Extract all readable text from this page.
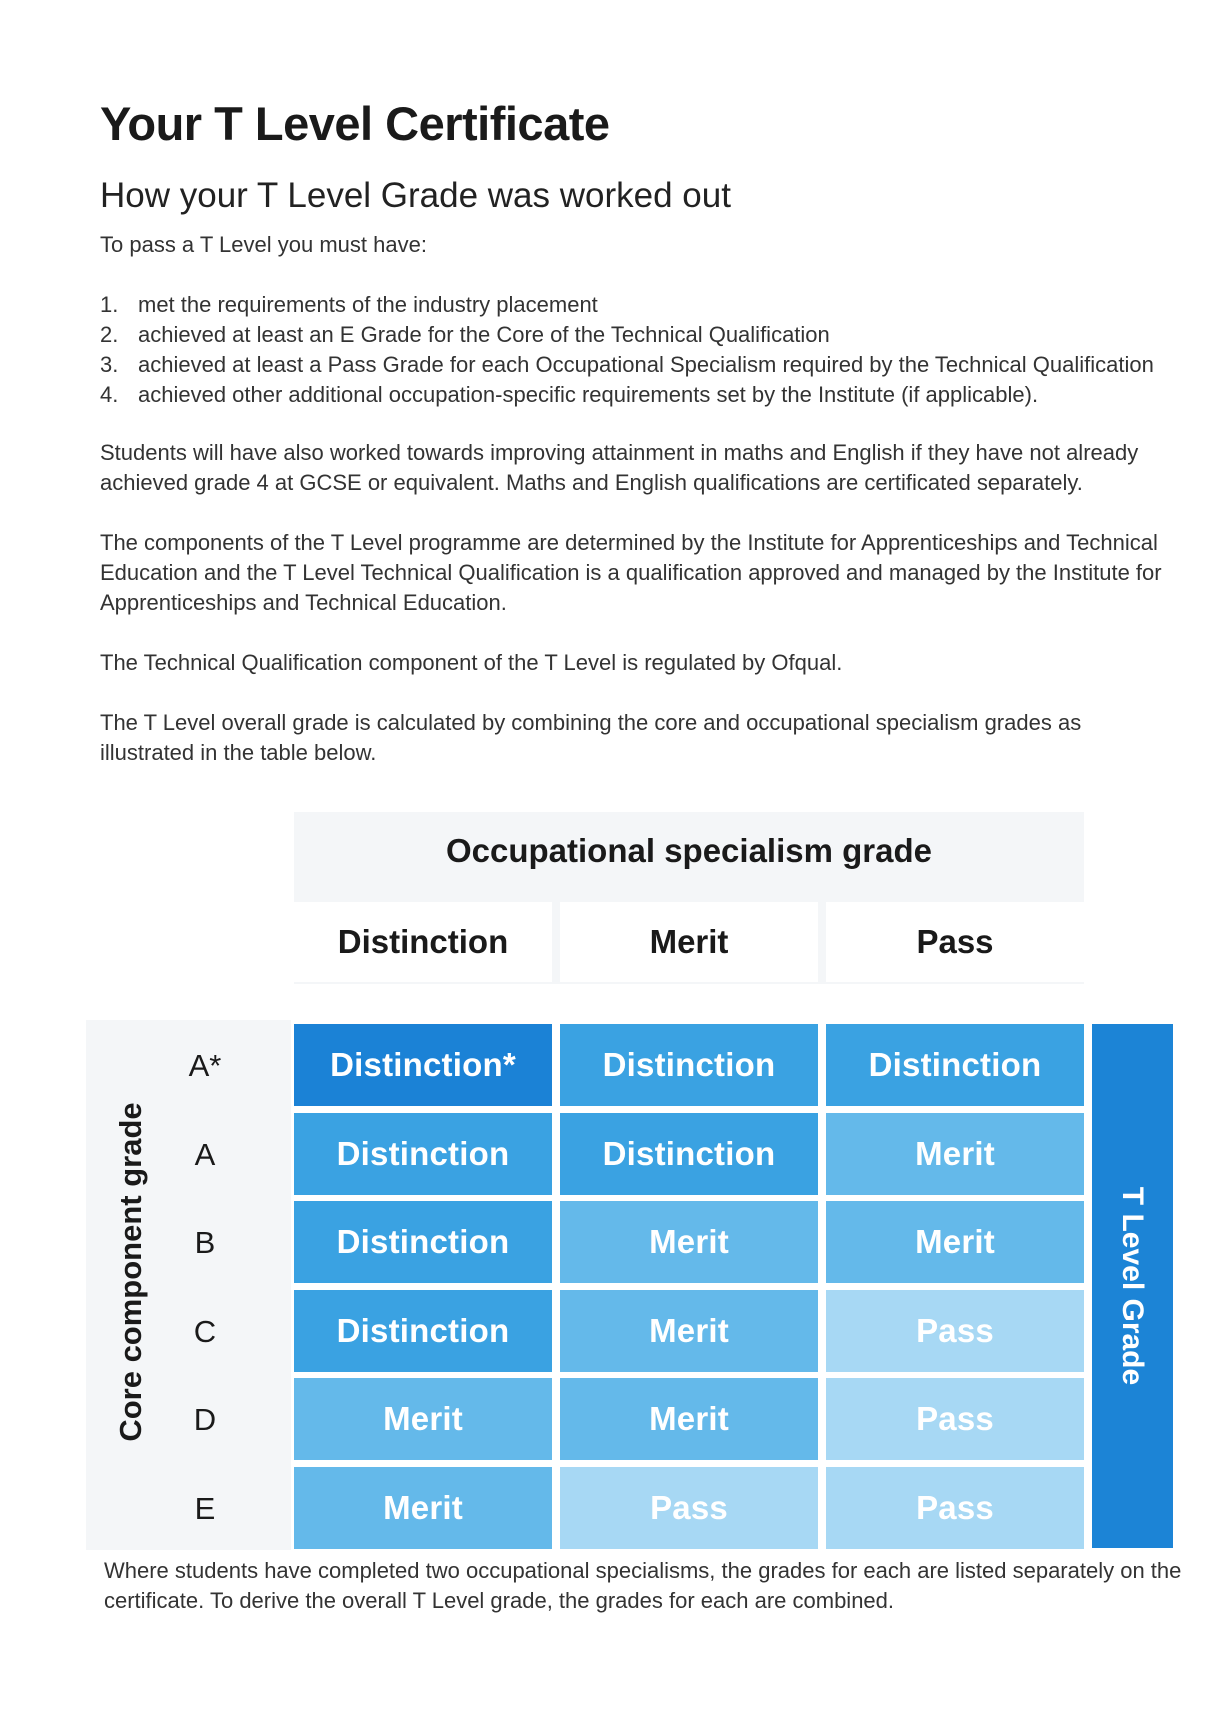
Your T Level Certificate
How your T Level Grade was worked out

To pass a T Level you must have:

1. met the requirements of the industry placement
2. achieved at least an E Grade for the Core of the Technical Qualification
3. achieved at least a Pass Grade for each Occupational Specialism required by the Technical Qualification
4. achieved other additional occupation-specific requirements set by the Institute (if applicable).

Students will have also worked towards improving attainment in maths and English if they have not already achieved grade 4 at GCSE or equivalent. Maths and English qualifications are certificated separately.

The components of the T Level programme are determined by the Institute for Apprenticeships and Technical Education and the T Level Technical Qualification is a qualification approved and managed by the Institute for Apprenticeships and Technical Education.

The Technical Qualification component of the T Level is regulated by Ofqual.

The T Level overall grade is calculated by combining the core and occupational specialism grades as illustrated in the table below.

Occupational specialism grade
Distinction	Merit	Pass
Core component grade
A*	Distinction*	Distinction	Distinction
A	Distinction	Distinction	Merit
B	Distinction	Merit	Merit
C	Distinction	Merit	Pass
D	Merit	Merit	Pass
E	Merit	Pass	Pass
T Level Grade

Where students have completed two occupational specialisms, the grades for each are listed separately on the certificate. To derive the overall T Level grade, the grades for each are combined.
